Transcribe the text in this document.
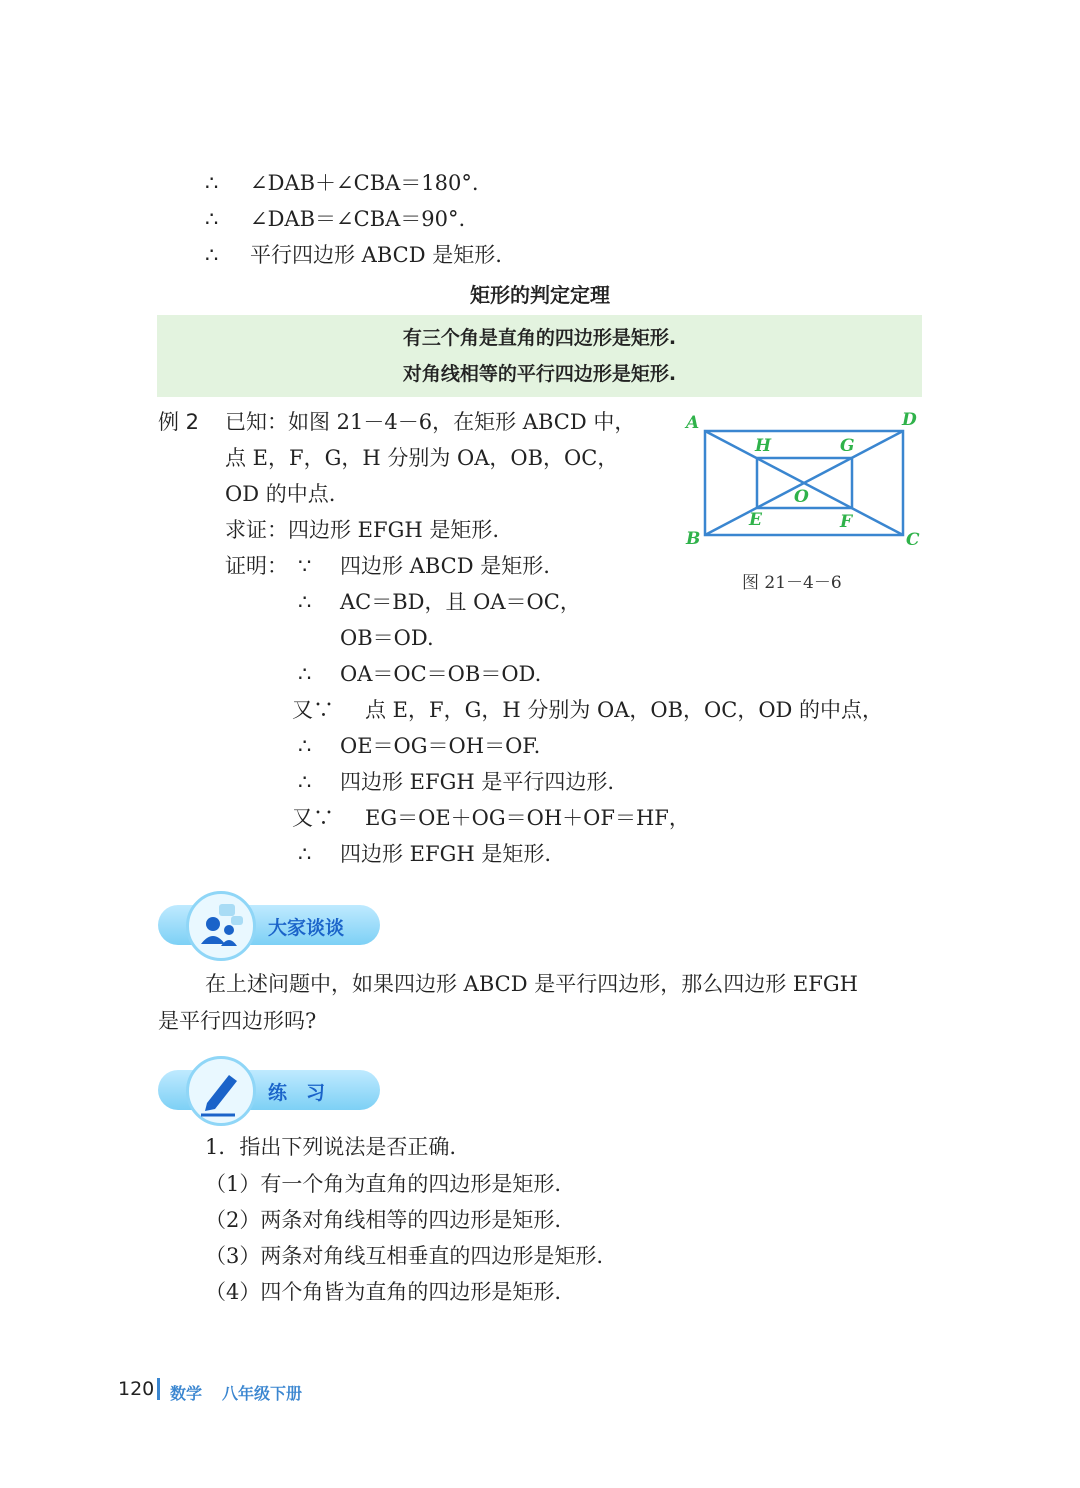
∴ ∠DAB＋∠CBA＝180°.
∴ ∠DAB＝∠CBA＝90°.
∴ 平行四边形 ABCD 是矩形.
矩形的判定定理
有三个角是直角的四边形是矩形.
对角线相等的平行四边形是矩形.
例 2 已知：如图 21－4－6，在矩形 ABCD 中，
点 E，F，G，H 分别为 OA，OB，OC，
OD 的中点.
求证：四边形 EFGH 是矩形.
证明： ∵ 四边形 ABCD 是矩形.
∴ AC＝BD，且 OA＝OC，
OB＝OD.
∴ OA＝OC＝OB＝OD.
又∵ 点 E，F，G，H 分别为 OA，OB，OC，OD 的中点，
∴ OE＝OG＝OH＝OF.
∴ 四边形 EFGH 是平行四边形.
又∵ EG＝OE＋OG＝OH＋OF＝HF，
∴ 四边形 EFGH 是矩形.
A	D
H	G
O
E	F
B	C
图 21－4－6
大家谈谈
在上述问题中，如果四边形 ABCD 是平行四边形，那么四边形 EFGH
是平行四边形吗?
练　习
1．指出下列说法是否正确.
（1）有一个角为直角的四边形是矩形.
（2）两条对角线相等的四边形是矩形.
（3）两条对角线互相垂直的四边形是矩形.
（4）四个角皆为直角的四边形是矩形.
120 数学 八年级下册
